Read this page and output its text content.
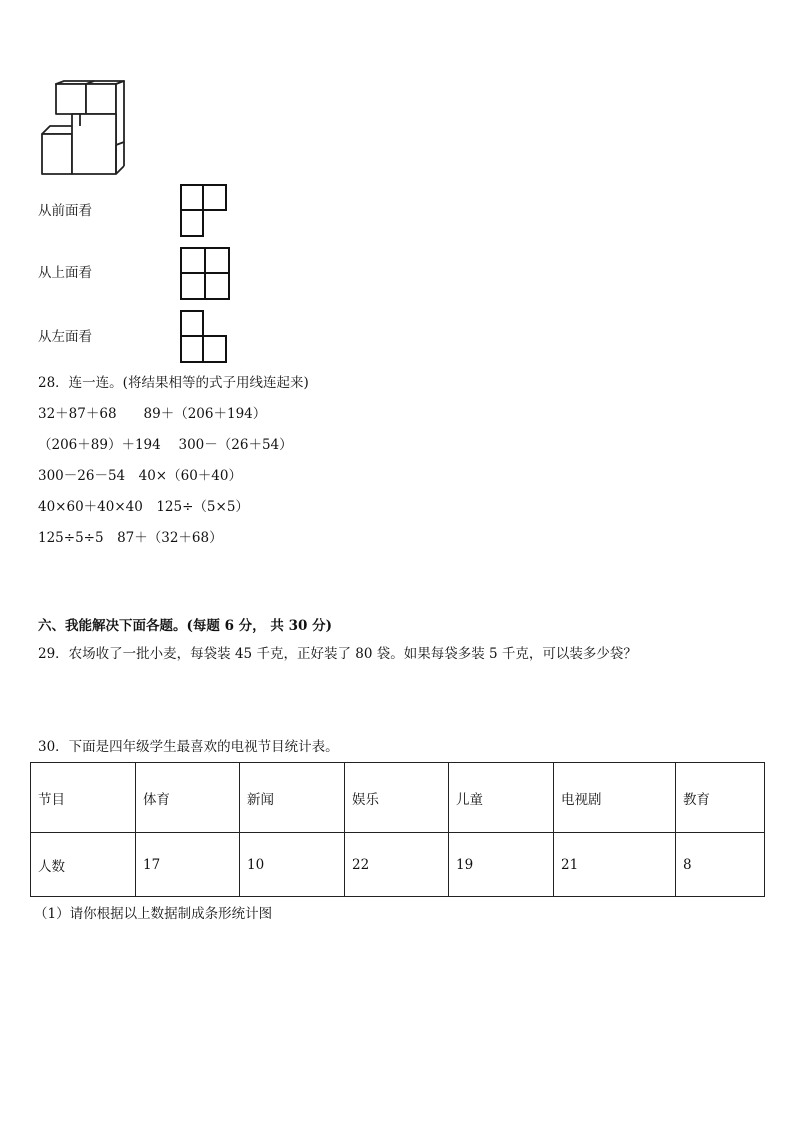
从前面看
从上面看
从左面看
28．连一连。(将结果相等的式子用线连起来)
32＋87＋68　　89＋（206＋194）
（206＋89）＋194　 300－（26＋54）
300－26－54　40×（60＋40）
40×60＋40×40　125÷（5×5）
125÷5÷5　87＋（32＋68）
六、我能解决下面各题。(每题 6 分， 共 30 分)
29．农场收了一批小麦，每袋装 45 千克，正好装了 80 袋。如果每袋多装 5 千克，可以装多少袋？
30．下面是四年级学生最喜欢的电视节目统计表。
节目	体育	新闻	娱乐	儿童	电视剧	教育
人数	17	10	22	19	21	8
（1）请你根据以上数据制成条形统计图
